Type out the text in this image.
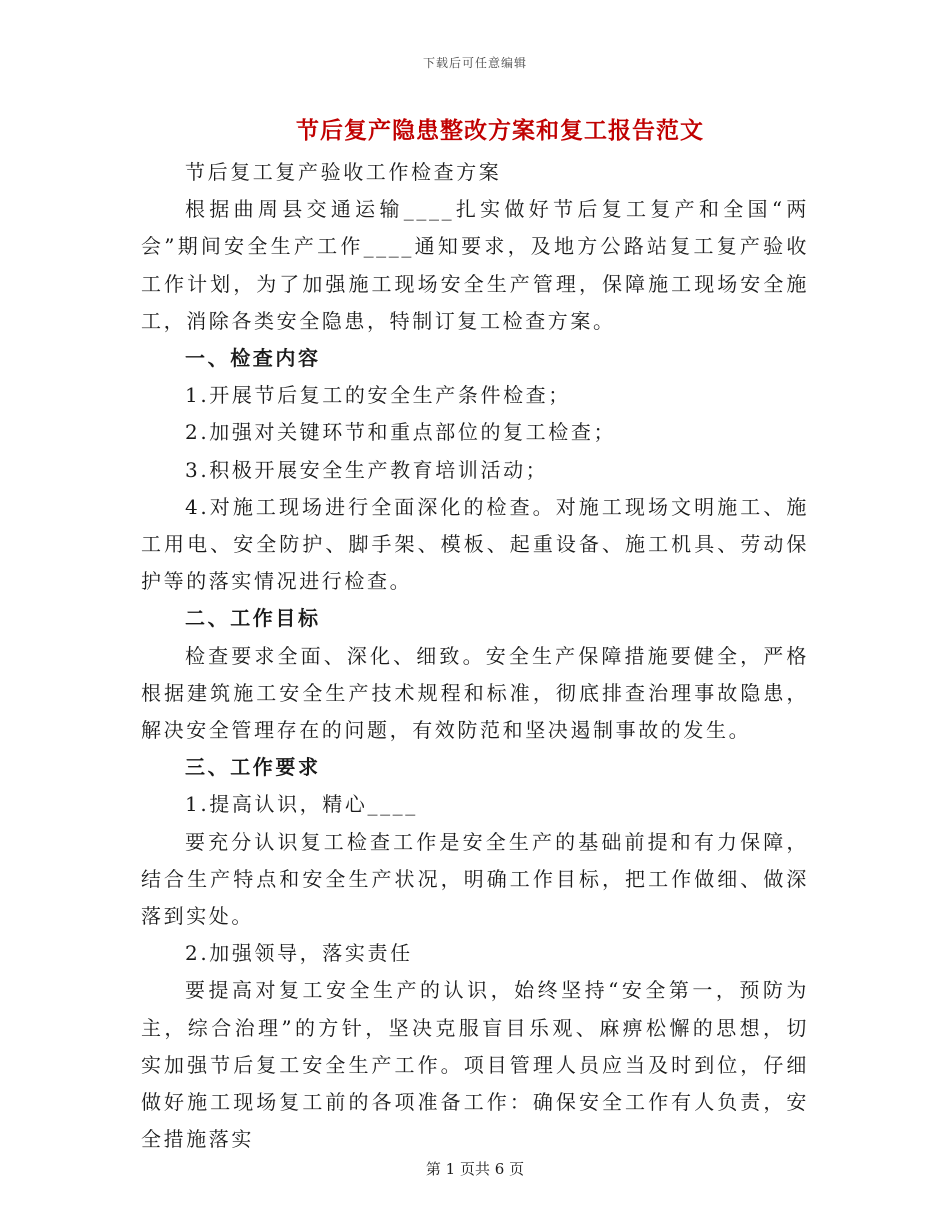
下载后可任意编辑
节后复产隐患整改方案和复工报告范文

节后复工复产验收工作检查方案

根据曲周县交通运输____扎实做好节后复工复产和全国“两会”期间安全生产工作____通知要求，及地方公路站复工复产验收工作计划，为了加强施工现场安全生产管理，保障施工现场安全施工，消除各类安全隐患，特制订复工检查方案。

一、检查内容

1.开展节后复工的安全生产条件检查；

2.加强对关键环节和重点部位的复工检查；

3.积极开展安全生产教育培训活动；

4.对施工现场进行全面深化的检查。对施工现场文明施工、施工用电、安全防护、脚手架、模板、起重设备、施工机具、劳动保护等的落实情况进行检查。

二、工作目标

检查要求全面、深化、细致。安全生产保障措施要健全，严格根据建筑施工安全生产技术规程和标准，彻底排查治理事故隐患，解决安全管理存在的问题，有效防范和坚决遏制事故的发生。

三、工作要求

1.提高认识，精心____

要充分认识复工检查工作是安全生产的基础前提和有力保障，结合生产特点和安全生产状况，明确工作目标，把工作做细、做深落到实处。

2.加强领导，落实责任

要提高对复工安全生产的认识，始终坚持“安全第一，预防为主，综合治理”的方针，坚决克服盲目乐观、麻痹松懈的思想，切实加强节后复工安全生产工作。项目管理人员应当及时到位，仔细做好施工现场复工前的各项准备工作：确保安全工作有人负责，安全措施落实

第 1 页共 6 页
